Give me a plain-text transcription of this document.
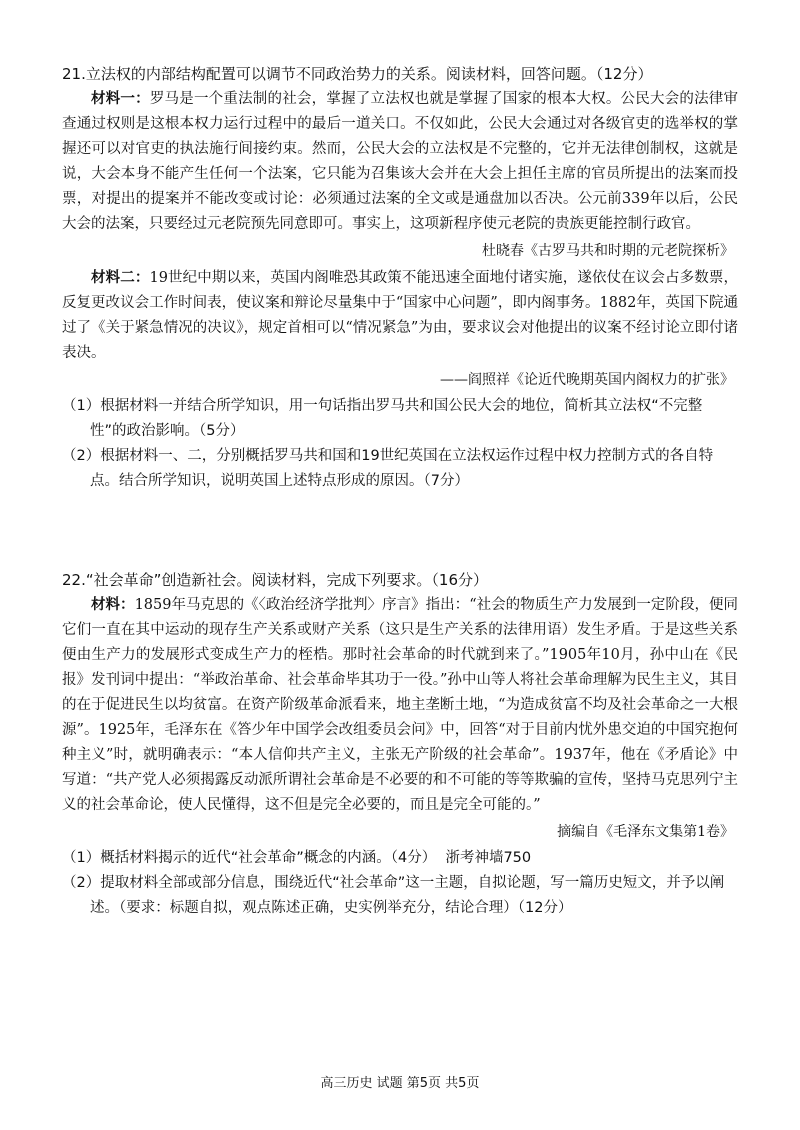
21.立法权的内部结构配置可以调节不同政治势力的关系。阅读材料，回答问题。（12分）

材料一：罗马是一个重法制的社会，掌握了立法权也就是掌握了国家的根本大权。公民大会的法律审查通过权则是这根本权力运行过程中的最后一道关口。不仅如此，公民大会通过对各级官吏的选举权的掌握还可以对官吏的执法施行间接约束。然而，公民大会的立法权是不完整的，它并无法律创制权，这就是说，大会本身不能产生任何一个法案，它只能为召集该大会并在大会上担任主席的官员所提出的法案而投票，对提出的提案并不能改变或讨论：必须通过法案的全文或是通盘加以否决。公元前339年以后，公民大会的法案，只要经过元老院预先同意即可。事实上，这项新程序使元老院的贵族更能控制行政官。

杜晓春《古罗马共和时期的元老院探析》

材料二：19世纪中期以来，英国内阁唯恐其政策不能迅速全面地付诸实施，遂依仗在议会占多数票，反复更改议会工作时间表，使议案和辩论尽量集中于“国家中心问题”，即内阁事务。1882年，英国下院通过了《关于紧急情况的决议》，规定首相可以“情况紧急”为由，要求议会对他提出的议案不经讨论立即付诸表决。

——阎照祥《论近代晚期英国内阁权力的扩张》

（1）根据材料一并结合所学知识，用一句话指出罗马共和国公民大会的地位，简析其立法权“不完整性”的政治影响。（5分）

（2）根据材料一、二，分别概括罗马共和国和19世纪英国在立法权运作过程中权力控制方式的各自特点。结合所学知识，说明英国上述特点形成的原因。（7分）

22.“社会革命”创造新社会。阅读材料，完成下列要求。（16分）

材料：1859年马克思的《〈政治经济学批判〉序言》指出：“社会的物质生产力发展到一定阶段，便同它们一直在其中运动的现存生产关系或财产关系（这只是生产关系的法律用语）发生矛盾。于是这些关系便由生产力的发展形式变成生产力的桎梏。那时社会革命的时代就到来了。”1905年10月，孙中山在《民报》发刊词中提出：“举政治革命、社会革命毕其功于一役。”孙中山等人将社会革命理解为民生主义，其目的在于促进民生以均贫富。在资产阶级革命派看来，地主垄断土地，“为造成贫富不均及社会革命之一大根源”。1925年，毛泽东在《答少年中国学会改组委员会问》中，回答“对于目前内忧外患交迫的中国究抱何种主义”时，就明确表示：“本人信仰共产主义，主张无产阶级的社会革命”。1937年，他在《矛盾论》中写道：“共产党人必须揭露反动派所谓社会革命是不必要的和不可能的等等欺骗的宣传，坚持马克思列宁主义的社会革命论，使人民懂得，这不但是完全必要的，而且是完全可能的。”

摘编自《毛泽东文集第1卷》

（1）概括材料揭示的近代“社会革命”概念的内涵。（4分） 浙考神墙750

（2）提取材料全部或部分信息，围绕近代“社会革命”这一主题，自拟论题，写一篇历史短文，并予以阐述。（要求：标题自拟，观点陈述正确，史实例举充分，结论合理）（12分）

高三历史 试题 第5页 共5页
